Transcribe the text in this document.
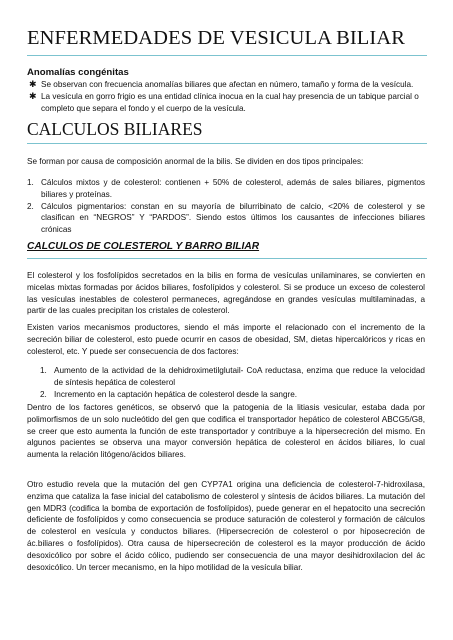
ENFERMEDADES DE VESICULA BILIAR
Anomalías congénitas
✱ Se observan con frecuencia anomalías biliares que afectan en número, tamaño y forma de la vesícula.
✱ La vesícula en gorro frigio es una entidad clínica inocua en la cual hay presencia de un tabique parcial o completo que separa el fondo y el cuerpo de la vesícula.
CALCULOS BILIARES
Se forman por causa de composición anormal de la bilis. Se dividen en dos tipos principales:
1. Cálculos mixtos y de colesterol: contienen + 50% de colesterol, además de sales biliares, pigmentos biliares y proteínas.
2. Cálculos pigmentarios: constan en su mayoría de bilurribinato de calcio, <20% de colesterol y se clasifican en “NEGROS” Y “PARDOS”. Siendo estos últimos los causantes de infecciones biliares crónicas
CALCULOS DE COLESTEROL Y BARRO BILIAR
El colesterol y los fosfolípidos secretados en la bilis en forma de vesículas unilaminares, se convierten en micelas mixtas formadas por ácidos biliares, fosfolípidos y colesterol. Si se produce un exceso de colesterol las vesículas inestables de colesterol permaneces, agregándose en grandes vesículas multilaminadas, a partir de las cuales precipitan los cristales de colesterol.
Existen varios mecanismos productores, siendo el más importe el relacionado con el incremento de la secreción biliar de colesterol, esto puede ocurrir en casos de obesidad, SM, dietas hipercalóricos y ricas en colesterol, etc. Y puede ser consecuencia de dos factores:
1. Aumento de la actividad de la dehidroximetilglutail- CoA reductasa, enzima que reduce la velocidad de síntesis hepática de colesterol
2. Incremento en la captación hepática de colesterol desde la sangre.
Dentro de los factores genéticos, se observó que la patogenia de la litiasis vesicular, estaba dada por polimorfismos de un solo nucleótido del gen que codifica el transportador hepático de colesterol ABCG5/G8, se creer que esto aumenta la función de este transportador y contribuye a la hipersecreción del mismo. En algunos pacientes se observa una mayor conversión hepática de colesterol en ácidos biliares, lo cual aumenta la relación litógeno/ácidos biliares.
Otro estudio revela que la mutación del gen CYP7A1 origina una deficiencia de colesterol-7-hidroxilasa, enzima que cataliza la fase inicial del catabolismo de colesterol y síntesis de ácidos biliares. La mutación del gen MDR3 (codifica la bomba de exportación de fosfolípidos), puede generar en el hepatocito una secreción deficiente de fosfolípidos y como consecuencia se produce saturación de colesterol y formación de cálculos de colesterol en vesícula y conductos biliares. (Hipersecreción de colesterol o por hiposecreción de ác.biliares o fosfolípidos). Otra causa de hipersecreción de colesterol es la mayor producción de ácido desoxicólico por sobre el ácido cólico, pudiendo ser consecuencia de una mayor desihidroxilacion del ác desoxicólico. Un tercer mecanismo, en la hipo motilidad de la vesícula biliar.
